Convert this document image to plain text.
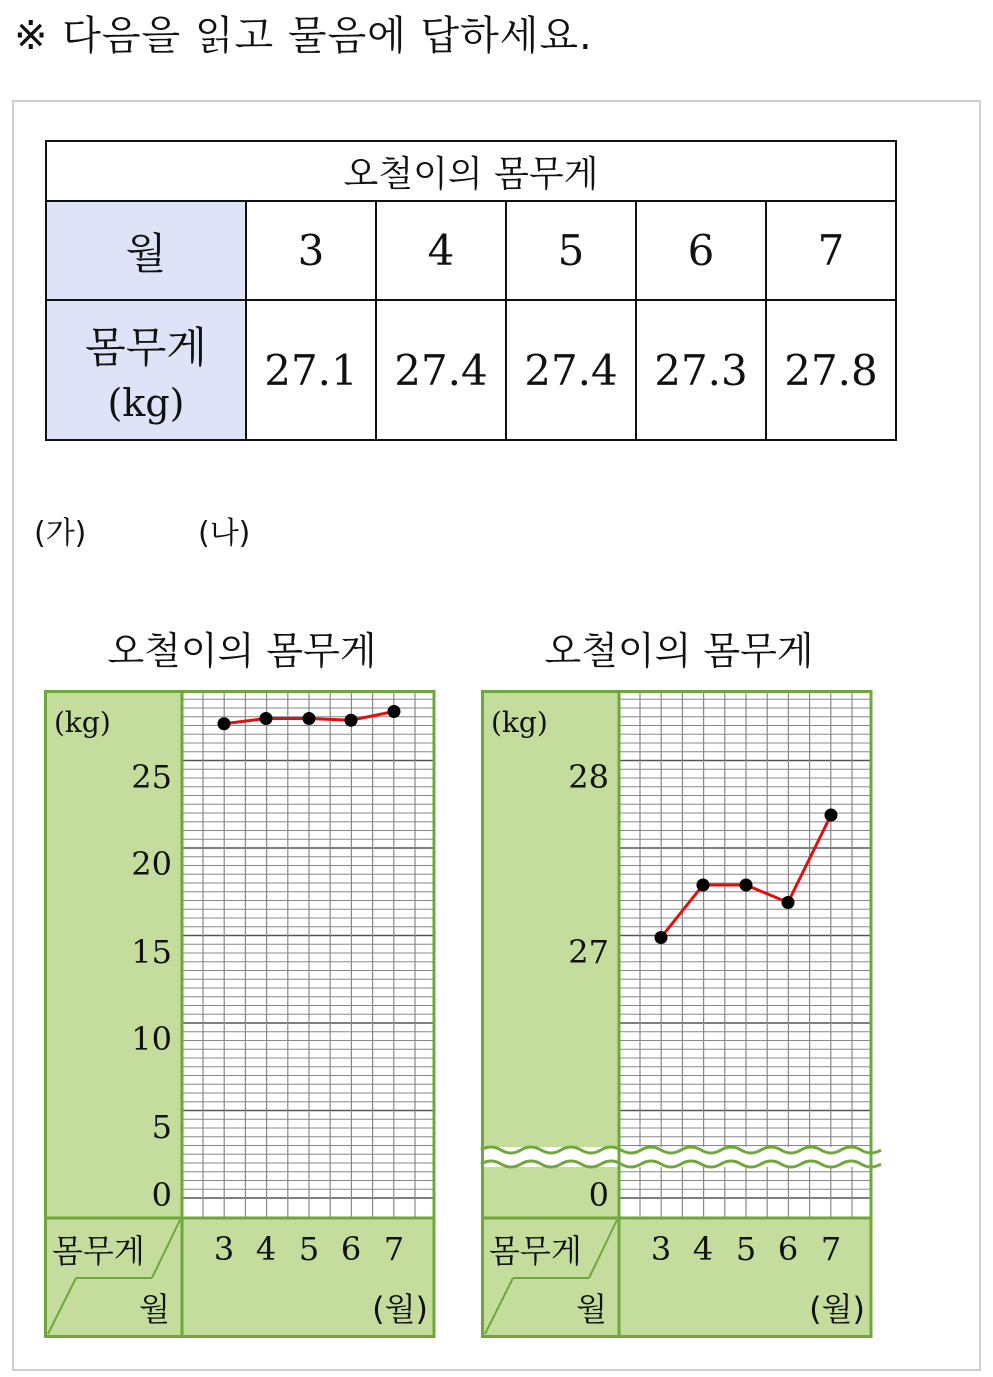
※ 다음을 읽고 물음에 답하세요.
오철이의 몸무게					
월	3	4	5	6	7
몸무게
(kg)	27.1	27.4	27.4	27.3	27.8
(가)	(나)
오철이의 몸무게	오철이의 몸무게
(kg)
0
5
10
15
20
25
몸무게
월
3 4 5 6 7
(월)
(kg)
0
27
28
몸무게
월
3 4 5 6 7
(월)
